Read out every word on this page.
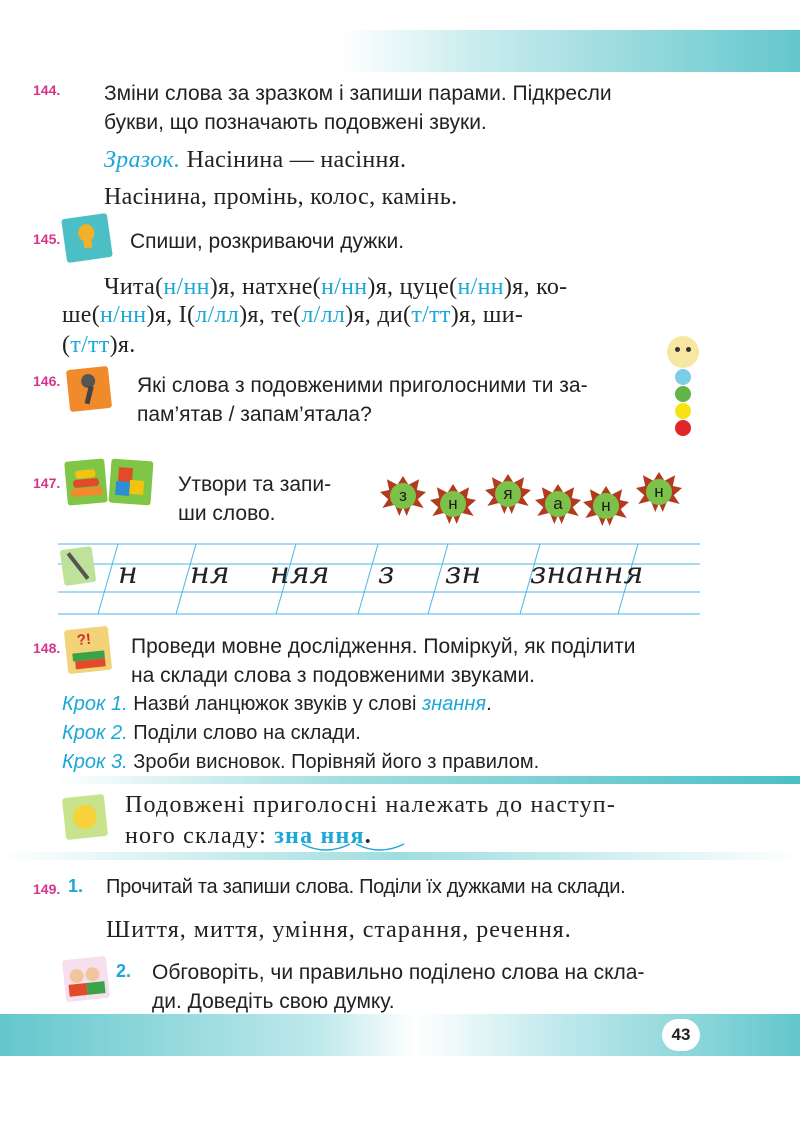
144. Зміни слова за зразком і запиши парами. Підкресли
букви, що позначають подовжені звуки.
Зразок. Насінина — насіння.
Насінина, промінь, колос, камінь.
145.	Спиши, розкриваючи дужки.
Чита(н/нн)я, натхне(н/нн)я, цуце(н/нн)я, ко-
ше(н/нн)я, І(л/лл)я, те(л/лл)я, ди(т/тт)я, ши-
(т/тт)я.
146.	Які слова з подовженими приголосними ти за-
пам’ятав / запам’ятала?
147.	Утвори та запи-
ши слово.
з	н
я
а	н
н
н ня няя з зн знання
148. ?! Проведи мовне дослідження. Поміркуй, як поділити
на склади слова з подовженими звуками.
Крок 1. Назви́ ланцюжок звуків у слові знання.
Крок 2. Поділи слово на склади.
Крок 3. Зроби висновок. Порівняй його з правилом.
Подовжені приголосні належать до наступ-
ного складу: зна ння.
149. 1. Прочитай та запиши слова. Поділи їх дужками на склади.
Шиття, миття, уміння, старання, речення.
2. Обговоріть, чи правильно поділено слова на скла-
ди. Доведіть свою думку.
43
